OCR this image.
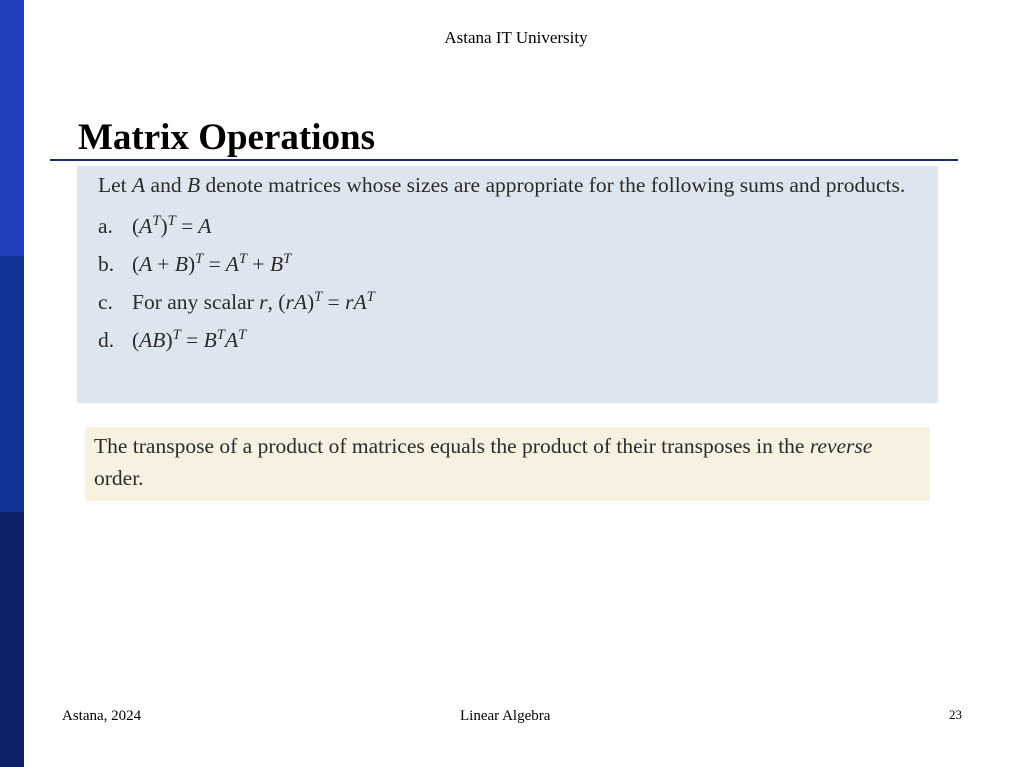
Astana IT University
Matrix Operations

Let A and B denote matrices whose sizes are appropriate for the following sums and products.

a. $(A^T)^T = A$
b. $(A + B)^T = A^T + B^T$
c. For any scalar r, $(rA)^T = rA^T$
d. $(AB)^T = B^TA^T$
The transpose of a product of matrices equals the product of their transposes in the reverse order.
Astana, 2024	Linear Algebra	23
